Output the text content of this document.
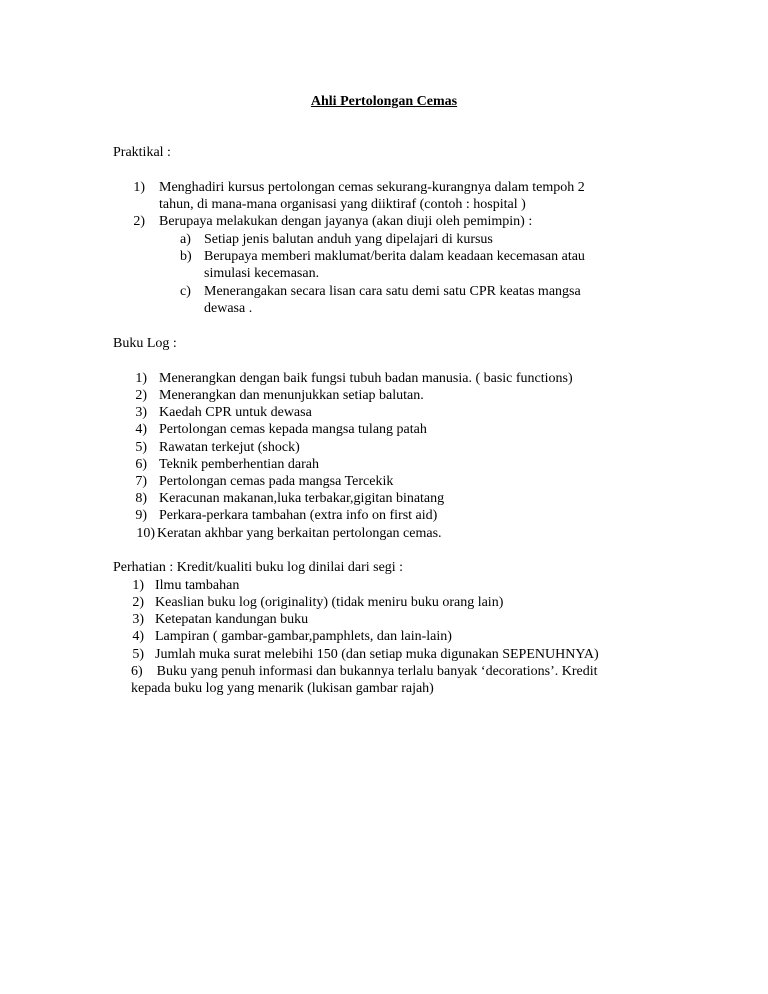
Ahli Pertolongan Cemas
Praktikal :
1) Menghadiri kursus pertolongan cemas sekurang-kurangnya dalam tempoh 2
tahun, di mana-mana organisasi yang diiktiraf (contoh : hospital )
2) Berupaya melakukan dengan jayanya (akan diuji oleh pemimpin) :
a) Setiap jenis balutan anduh yang dipelajari di kursus
b) Berupaya memberi maklumat/berita dalam keadaan kecemasan atau
simulasi kecemasan.
c) Menerangakan secara lisan cara satu demi satu CPR keatas mangsa
dewasa .
Buku Log :
1) Menerangkan dengan baik fungsi tubuh badan manusia. ( basic functions)
2) Menerangkan dan menunjukkan setiap balutan.
3) Kaedah CPR untuk dewasa
4) Pertolongan cemas kepada mangsa tulang patah
5) Rawatan terkejut (shock)
6) Teknik pemberhentian darah
7) Pertolongan cemas pada mangsa Tercekik
8) Keracunan makanan,luka terbakar,gigitan binatang
9) Perkara-perkara tambahan (extra info on first aid)
10) Keratan akhbar yang berkaitan pertolongan cemas.
Perhatian : Kredit/kualiti buku log dinilai dari segi :
1) Ilmu tambahan
2) Keaslian buku log (originality) (tidak meniru buku orang lain)
3) Ketepatan kandungan buku
4) Lampiran ( gambar-gambar,pamphlets, dan lain-lain)
5) Jumlah muka surat melebihi 150 (dan setiap muka digunakan SEPENUHNYA)
6)    Buku yang penuh informasi dan bukannya terlalu banyak ‘decorations’. Kredit
kepada buku log yang menarik (lukisan gambar rajah)
